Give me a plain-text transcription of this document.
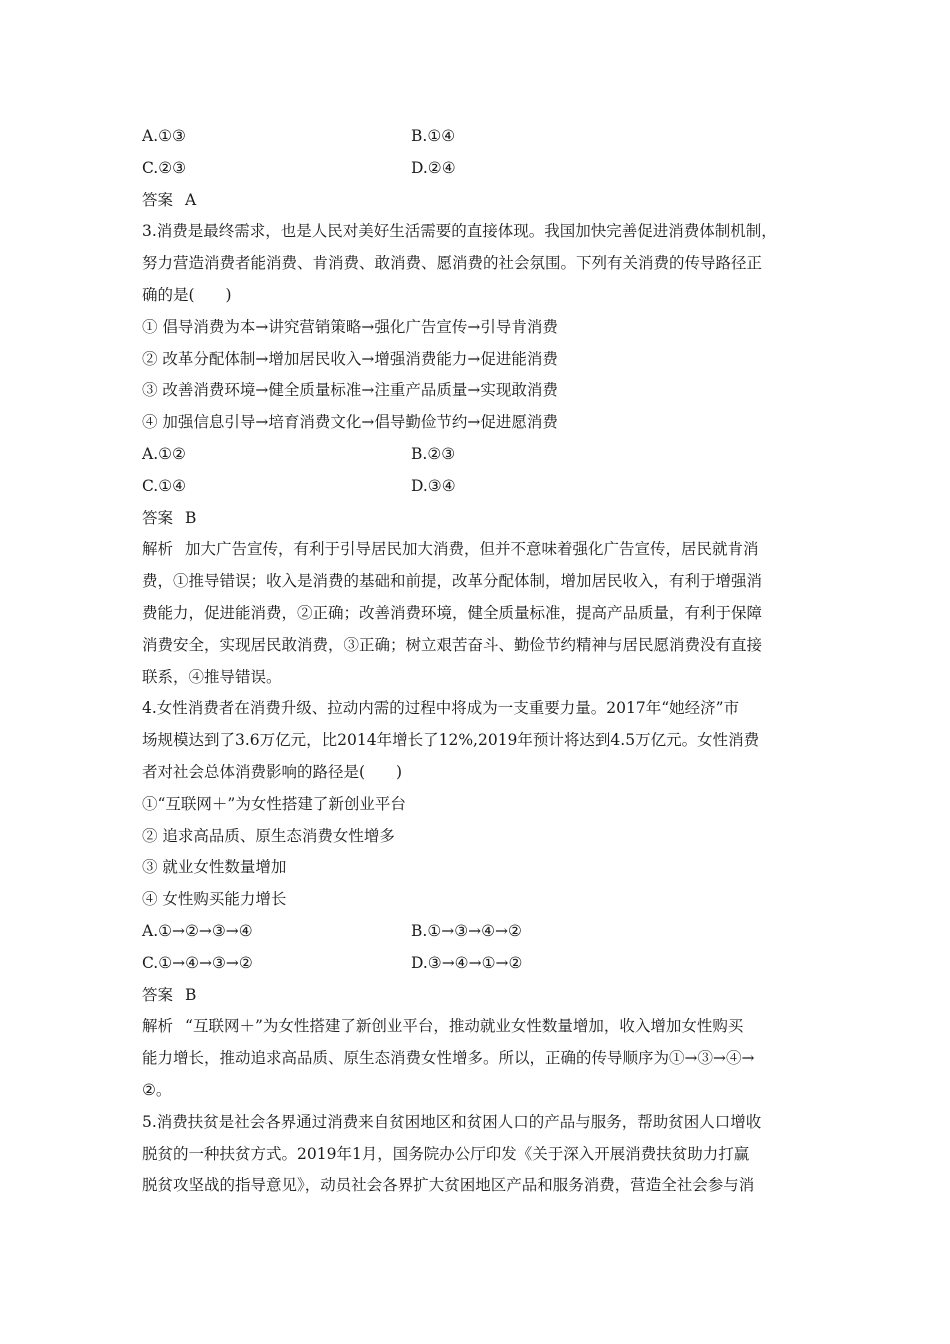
A.①③	B.①④
C.②③	D.②④
答案 A
3.消费是最终需求，也是人民对美好生活需要的直接体现。我国加快完善促进消费体制机制，
努力营造消费者能消费、肯消费、敢消费、愿消费的社会氛围。下列有关消费的传导路径正
确的是(　　)
① 倡导消费为本→讲究营销策略→强化广告宣传→引导肯消费
② 改革分配体制→增加居民收入→增强消费能力→促进能消费
③ 改善消费环境→健全质量标准→注重产品质量→实现敢消费
④ 加强信息引导→培育消费文化→倡导勤俭节约→促进愿消费
A.①②	B.②③
C.①④	D.③④
答案 B
解析 加大广告宣传，有利于引导居民加大消费，但并不意味着强化广告宣传，居民就肯消
费，①推导错误；收入是消费的基础和前提，改革分配体制，增加居民收入，有利于增强消
费能力，促进能消费，②正确；改善消费环境，健全质量标准，提高产品质量，有利于保障
消费安全，实现居民敢消费，③正确；树立艰苦奋斗、勤俭节约精神与居民愿消费没有直接
联系，④推导错误。
4.女性消费者在消费升级、拉动内需的过程中将成为一支重要力量。2017年“她经济”市
场规模达到了3.6万亿元，比2014年增长了12%,2019年预计将达到4.5万亿元。女性消费
者对社会总体消费影响的路径是(　　)
①“互联网＋”为女性搭建了新创业平台
② 追求高品质、原生态消费女性增多
③ 就业女性数量增加
④ 女性购买能力增长
A.①→②→③→④	B.①→③→④→②
C.①→④→③→②	D.③→④→①→②
答案 B
解析 “互联网＋”为女性搭建了新创业平台，推动就业女性数量增加，收入增加女性购买
能力增长，推动追求高品质、原生态消费女性增多。所以，正确的传导顺序为①→③→④→
②。
5.消费扶贫是社会各界通过消费来自贫困地区和贫困人口的产品与服务，帮助贫困人口增收
脱贫的一种扶贫方式。2019年1月，国务院办公厅印发《关于深入开展消费扶贫助力打赢
脱贫攻坚战的指导意见》，动员社会各界扩大贫困地区产品和服务消费，营造全社会参与消
